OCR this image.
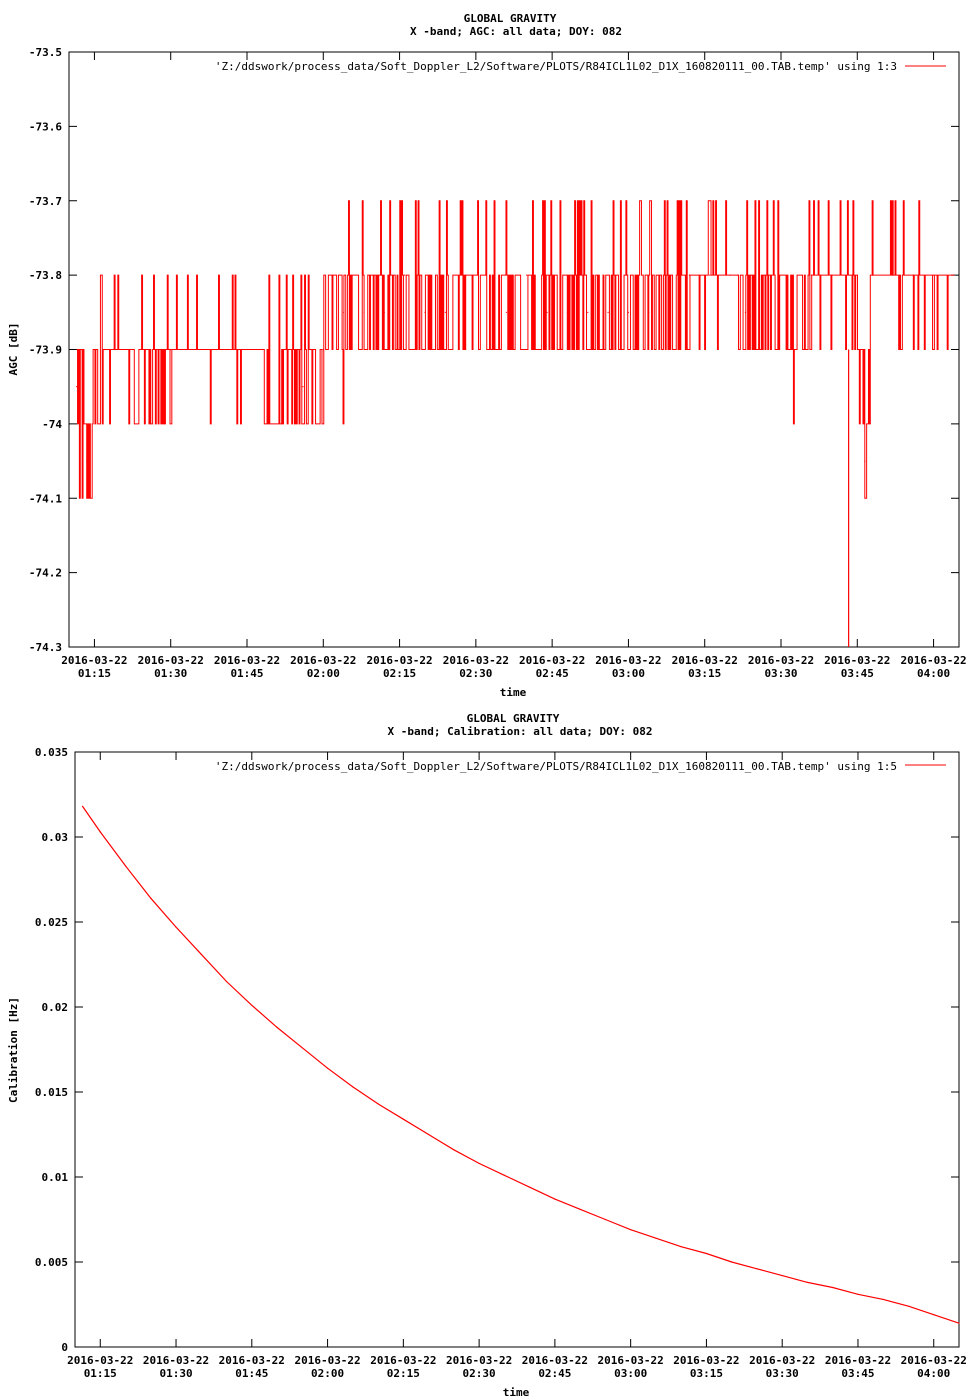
GLOBAL GRAVITY
X -band; AGC: all data; DOY: 082
time
AGC [dB]
'Z:/ddswork/process_data/Soft_Doppler_L2/Software/PLOTS/R84ICL1L02_D1X_160820111_00.TAB.temp' using 1:3
-73.5
-73.6
-73.7
-73.8
-73.9
-74
-74.1
-74.2
-74.3
2016-03-22
01:15
2016-03-22
01:30
2016-03-22
01:45
2016-03-22
02:00
2016-03-22
02:15
2016-03-22
02:30
2016-03-22
02:45
2016-03-22
03:00
2016-03-22
03:15
2016-03-22
03:30
2016-03-22
03:45
2016-03-22
04:00
GLOBAL GRAVITY
X -band; Calibration: all data; DOY: 082
time
Calibration [Hz]
'Z:/ddswork/process_data/Soft_Doppler_L2/Software/PLOTS/R84ICL1L02_D1X_160820111_00.TAB.temp' using 1:5
0
0.005
0.01
0.015
0.02
0.025
0.03
0.035
2016-03-22
01:15
2016-03-22
01:30
2016-03-22
01:45
2016-03-22
02:00
2016-03-22
02:15
2016-03-22
02:30
2016-03-22
02:45
2016-03-22
03:00
2016-03-22
03:15
2016-03-22
03:30
2016-03-22
03:45
2016-03-22
04:00
